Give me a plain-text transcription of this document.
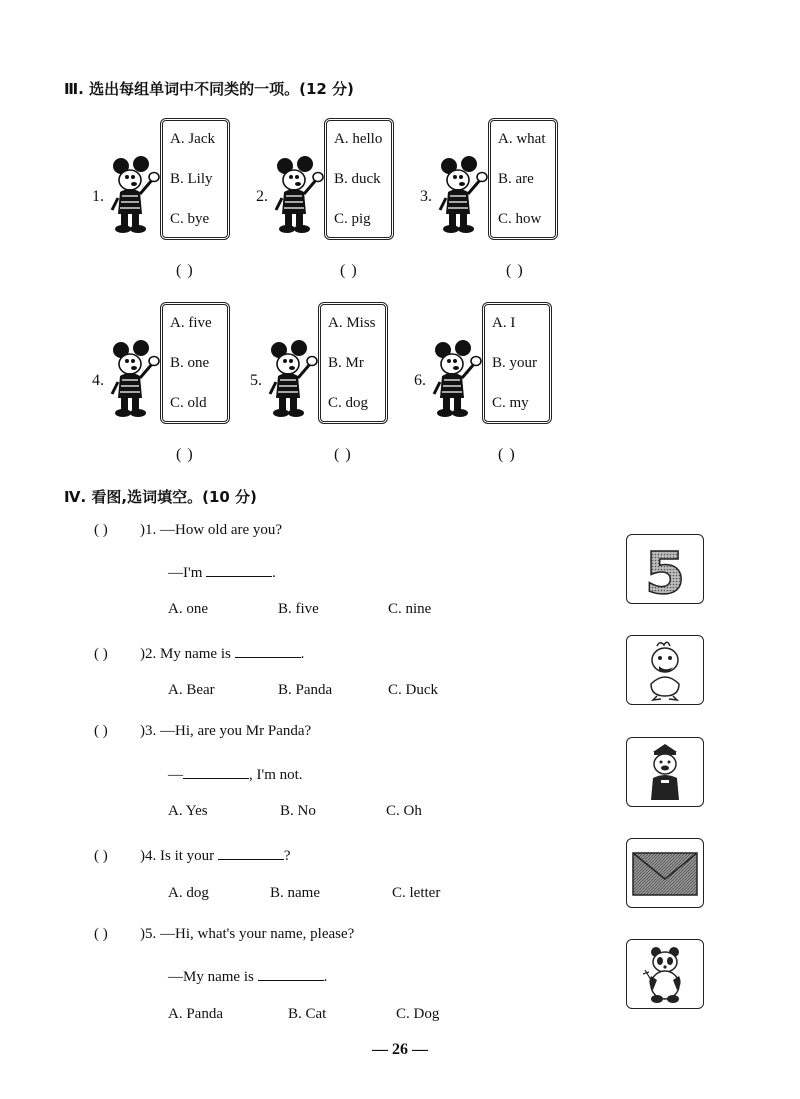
Ⅲ. 选出每组单词中不同类的一项。(12 分)
1.
A. Jack
B. Lily
C. bye
( )
2.
A. hello
B. duck
C. pig
( )
3.
A. what
B. are
C. how
( )
4.
A. five
B. one
C. old
( )
5.
A. Miss
B. Mr
C. dog
( )
6.
A. I
B. your
C. my
( )
Ⅳ. 看图,选词填空。(10 分)
( ) )1. —How old are you?
—I'm	.
A. one	B. five	C. nine
( ) )2. My name is	.
A. Bear	B. Panda	C. Duck
( ) )3. —Hi, are you Mr Panda?
—	, I'm not.
A. Yes	B. No	C. Oh
( ) )4. Is it your	?
A. dog	B. name	C. letter
( ) )5. —Hi, what's your name, please?
—My name is	.
A. Panda	B. Cat	C. Dog
5
— 26 —
